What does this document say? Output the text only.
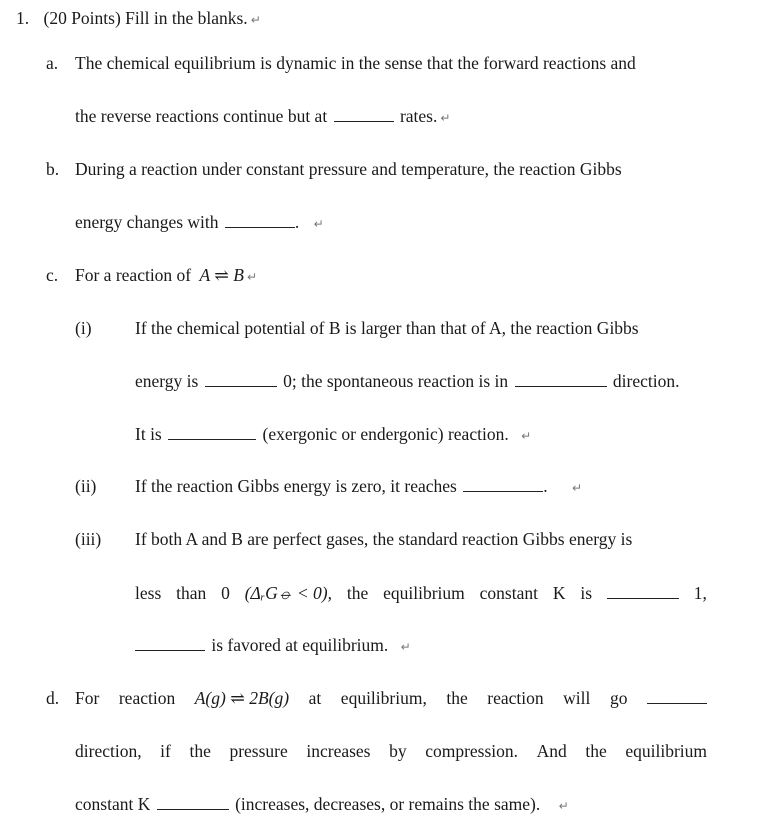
1. (20 Points) Fill in the blanks. ↵
a. The chemical equilibrium is dynamic in the sense that the forward reactions and
the reverse reactions continue but at	rates. ↵
b. During a reaction under constant pressure and temperature, the reaction Gibbs
energy changes with	. ↵
c. For a reaction of A ⇌ B ↵
(i) If the chemical potential of B is larger than that of A, the reaction Gibbs
energy is	0; the spontaneous reaction is in	direction.
It is	(exergonic or endergonic) reaction. ↵
(ii) If the reaction Gibbs energy is zero, it reaches	. ↵
(iii) If both A and B are perfect gases, the standard reaction Gibbs energy is
less than 0 (ΔᵣG⦵ < 0), the equilibrium constant K is	1,
is favored at equilibrium. ↵
d. For reaction A(g) ⇌ 2B(g) at equilibrium, the reaction will go
direction, if the pressure increases by compression. And the equilibrium
constant K	(increases, decreases, or remains the same). ↵
